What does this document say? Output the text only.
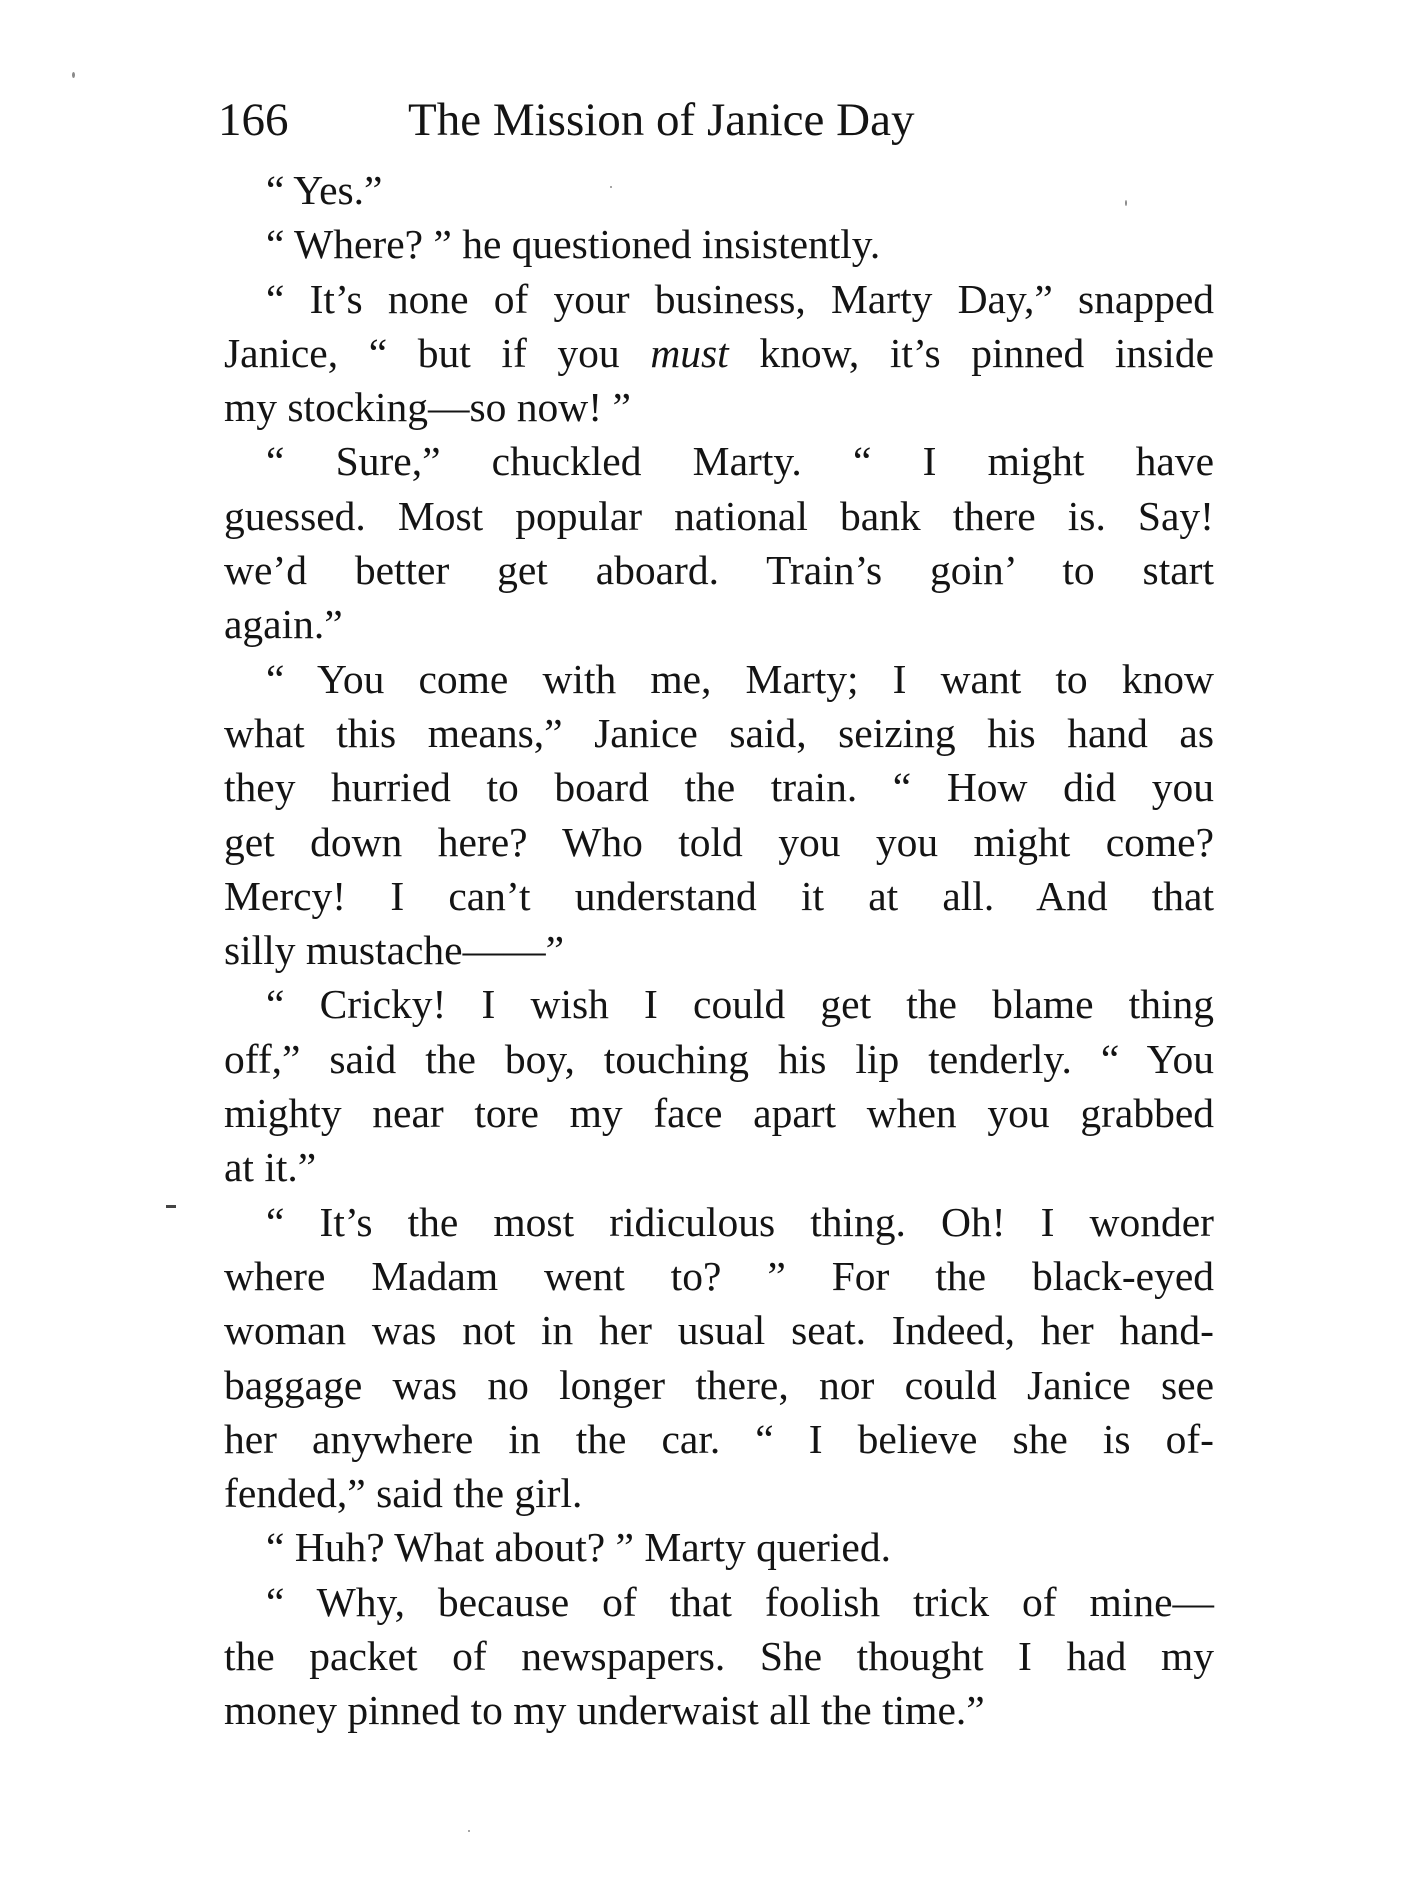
166	The Mission of Janice Day
“ Yes.”
“ Where? ” he questioned insistently.
“ It’s none of your business, Marty Day,” snapped
Janice, “ but if you must know, it’s pinned inside
my stocking—so now! ”
“ Sure,” chuckled Marty. “ I might have
guessed. Most popular national bank there is. Say!
we’d better get aboard. Train’s goin’ to start
again.”
“ You come with me, Marty; I want to know
what this means,” Janice said, seizing his hand as
they hurried to board the train. “ How did you
get down here? Who told you you might come?
Mercy! I can’t understand it at all. And that
silly mustache——”
“ Cricky! I wish I could get the blame thing
off,” said the boy, touching his lip tenderly. “ You
mighty near tore my face apart when you grabbed
at it.”
“ It’s the most ridiculous thing. Oh! I wonder
where Madam went to? ” For the black-eyed
woman was not in her usual seat. Indeed, her hand-
baggage was no longer there, nor could Janice see
her anywhere in the car. “ I believe she is of-
fended,” said the girl.
“ Huh? What about? ” Marty queried.
“ Why, because of that foolish trick of mine—
the packet of newspapers. She thought I had my
money pinned to my underwaist all the time.”
